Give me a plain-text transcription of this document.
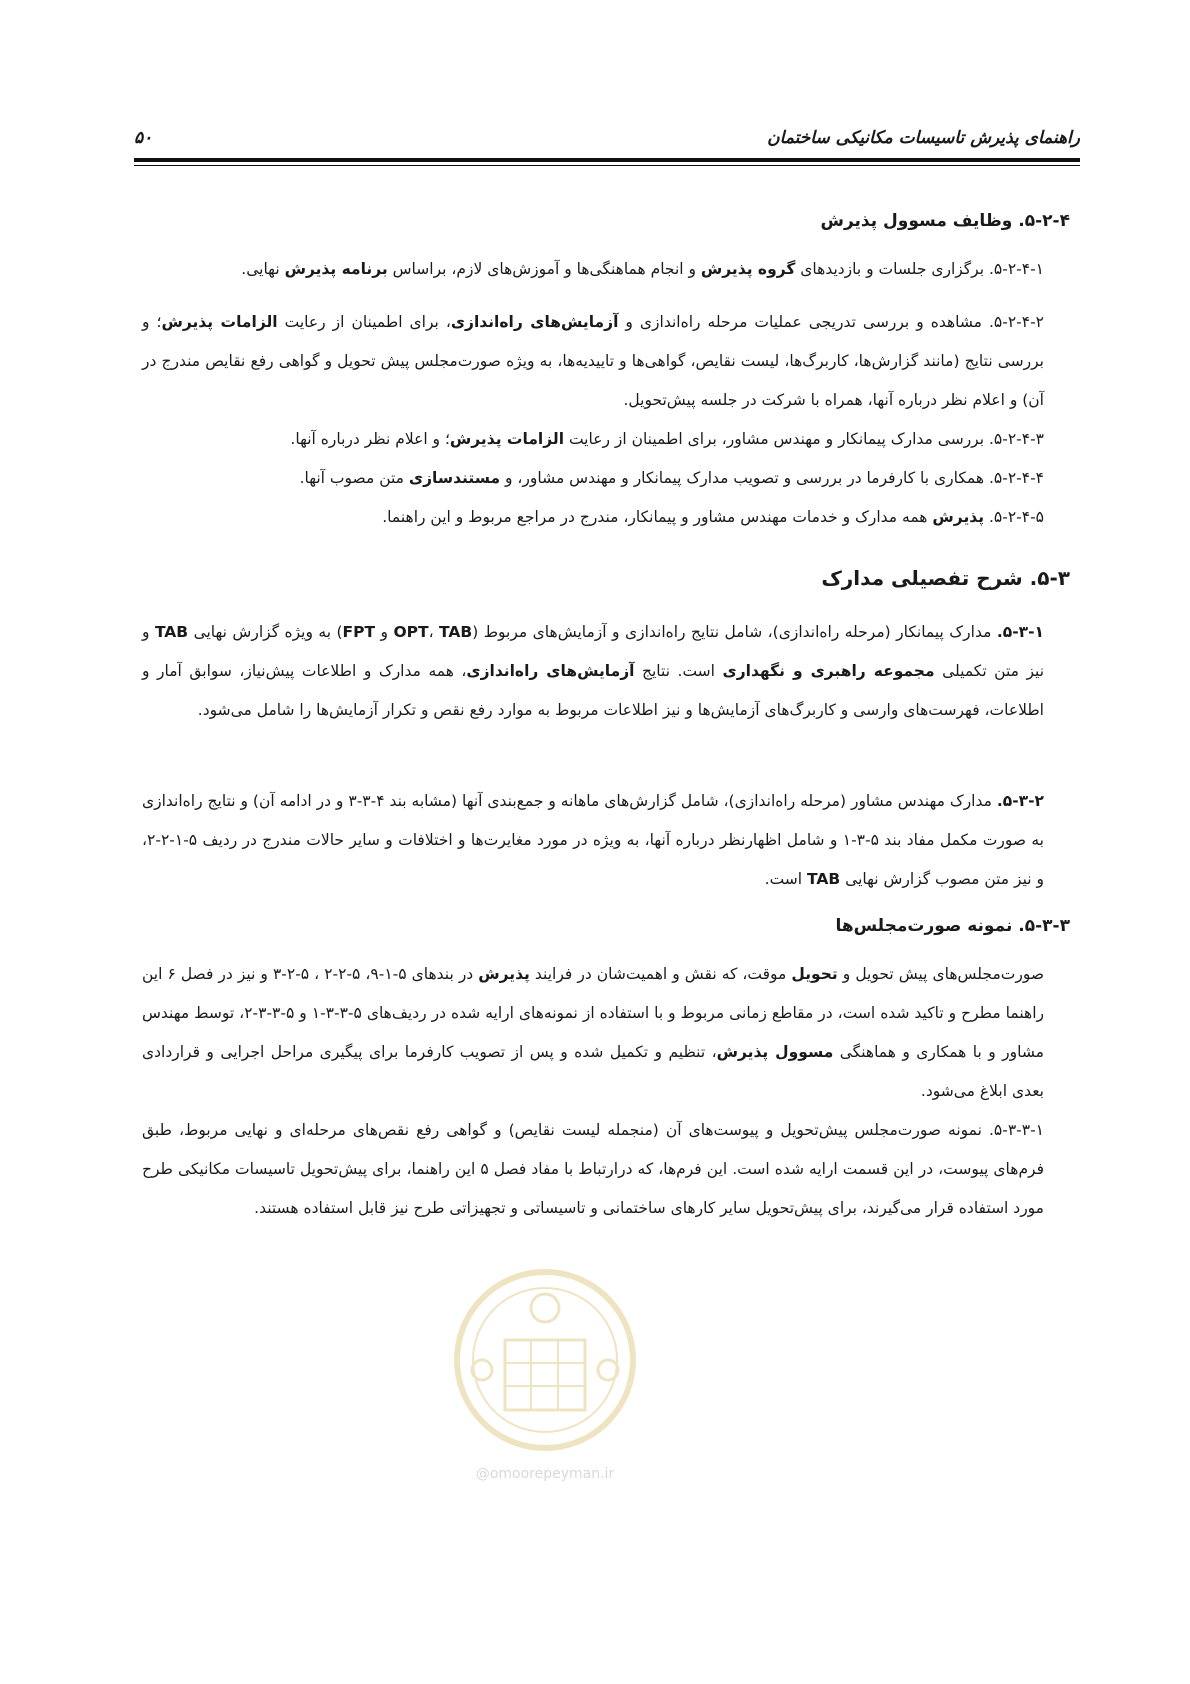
راهنمای پذیرش تاسیسات مکانیکی ساختمان
۵۰
۵-۲-۴. وظایف مسوول پذیرش

۵-۲-۴-۱. برگزاری جلسات و بازدیدهای گروه پذیرش و انجام هماهنگی‌ها و آموزش‌های لازم، براساس برنامه پذیرش نهایی.

۵-۲-۴-۲. مشاهده و بررسی تدریجی عملیات مرحله راه‌اندازی و آزمایش‌های راه‌اندازی، برای اطمینان از رعایت الزامات پذیرش؛ و بررسی نتایج (مانند گزارش‌ها، کاربرگ‌ها، لیست نقایص، گواهی‌ها و تاییدیه‌ها، به ویژه صورت‌مجلس پیش تحویل و گواهی رفع نقایص مندرج در آن) و اعلام نظر درباره آنها، همراه با شرکت در جلسه پیش‌تحویل.

۵-۲-۴-۳. بررسی مدارک پیمانکار و مهندس مشاور، برای اطمینان از رعایت الزامات پذیرش؛ و اعلام نظر درباره آنها.

۵-۲-۴-۴. همکاری با کارفرما در بررسی و تصویب مدارک پیمانکار و مهندس مشاور، و مستندسازی متن مصوب آنها.

۵-۲-۴-۵. پذیرش همه مدارک و خدمات مهندس مشاور و پیمانکار، مندرج در مراجع مربوط و این راهنما.

۵-۳. شرح تفصیلی مدارک

۵-۳-۱. مدارک پیمانکار (مرحله راه‌اندازی)، شامل نتایج راه‌اندازی و آزمایش‌های مربوط (OPT، TAB و FPT) به ویژه گزارش نهایی TAB و نیز متن تکمیلی مجموعه راهبری و نگهداری است. نتایج آزمایش‌های راه‌اندازی، همه مدارک و اطلاعات پیش‌نیاز، سوابق آمار و اطلاعات، فهرست‌های وارسی و کاربرگ‌های آزمایش‌ها و نیز اطلاعات مربوط به موارد رفع نقص و تکرار آزمایش‌ها را شامل می‌شود.

۵-۳-۲. مدارک مهندس مشاور (مرحله راه‌اندازی)، شامل گزارش‌های ماهانه و جمع‌بندی آنها (مشابه بند ۴-۳-۳ و در ادامه آن) و نتایج راه‌اندازی به صورت مکمل مفاد بند ۵-۳-۱ و شامل اظهارنظر درباره آنها، به ویژه در مورد مغایرت‌ها و اختلافات و سایر حالات مندرج در ردیف ۵-۱-۲-۲، و نیز متن مصوب گزارش نهایی TAB است.

۵-۳-۳. نمونه صورت‌مجلس‌ها

صورت‌مجلس‌های پیش تحویل و تحویل موقت، که نقش و اهمیت‌شان در فرایند پذیرش در بندهای ۵-۱-۹، ۵-۲-۲ ، ۵-۲-۳ و نیز در فصل ۶ این راهنما مطرح و تاکید شده است، در مقاطع زمانی مربوط و با استفاده از نمونه‌های ارایه شده در ردیف‌های ۵-۳-۳-۱ و ۵-۳-۳-۲، توسط مهندس مشاور و با همکاری و هماهنگی مسوول پذیرش، تنظیم و تکمیل شده و پس از تصویب کارفرما برای پیگیری مراحل اجرایی و قراردادی بعدی ابلاغ می‌شود.

۵-۳-۳-۱. نمونه صورت‌مجلس پیش‌تحویل و پیوست‌های آن (منجمله لیست نقایص) و گواهی رفع نقص‌های مرحله‌ای و نهایی مربوط، طبق فرم‌های پیوست، در این قسمت ارایه شده است. این فرم‌ها، که درارتباط با مفاد فصل ۵ این راهنما، برای پیش‌تحویل تاسیسات مکانیکی طرح مورد استفاده قرار می‌گیرند، برای پیش‌تحویل سایر کارهای ساختمانی و تاسیساتی و تجهیزاتی طرح نیز قابل استفاده هستند.

@omoorepeyman.ir
